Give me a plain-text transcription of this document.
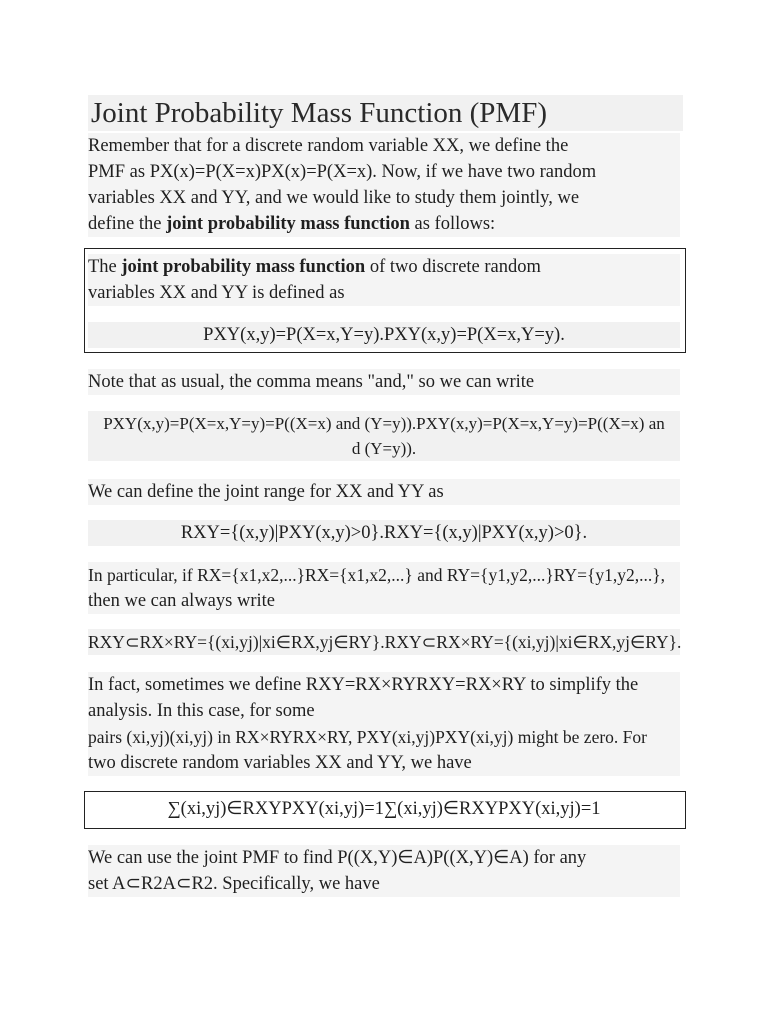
Joint Probability Mass Function (PMF)
Remember that for a discrete random variable XX, we define the
PMF as PX(x)=P(X=x)PX(x)=P(X=x). Now, if we have two random
variables XX and YY, and we would like to study them jointly, we
define the joint probability mass function as follows:
The joint probability mass function of two discrete random
variables XX and YY is defined as
PXY(x,y)=P(X=x,Y=y).PXY(x,y)=P(X=x,Y=y).
Note that as usual, the comma means "and," so we can write
PXY(x,y)=P(X=x,Y=y)=P((X=x) and (Y=y)).PXY(x,y)=P(X=x,Y=y)=P((X=x) an
d (Y=y)).
We can define the joint range for XX and YY as
RXY={(x,y)|PXY(x,y)>0}.RXY={(x,y)|PXY(x,y)>0}.
In particular, if RX={x1,x2,...}RX={x1,x2,...} and RY={y1,y2,...}RY={y1,y2,...},
then we can always write
RXY⊂RX×RY={(xi,yj)|xi∈RX,yj∈RY}.RXY⊂RX×RY={(xi,yj)|xi∈RX,yj∈RY}.
In fact, sometimes we define RXY=RX×RYRXY=RX×RY to simplify the
analysis. In this case, for some
pairs (xi,yj)(xi,yj) in RX×RYRX×RY, PXY(xi,yj)PXY(xi,yj) might be zero. For
two discrete random variables XX and YY, we have
∑(xi,yj)∈RXYPXY(xi,yj)=1∑(xi,yj)∈RXYPXY(xi,yj)=1
We can use the joint PMF to find P((X,Y)∈A)P((X,Y)∈A) for any
set A⊂R2A⊂R2. Specifically, we have
